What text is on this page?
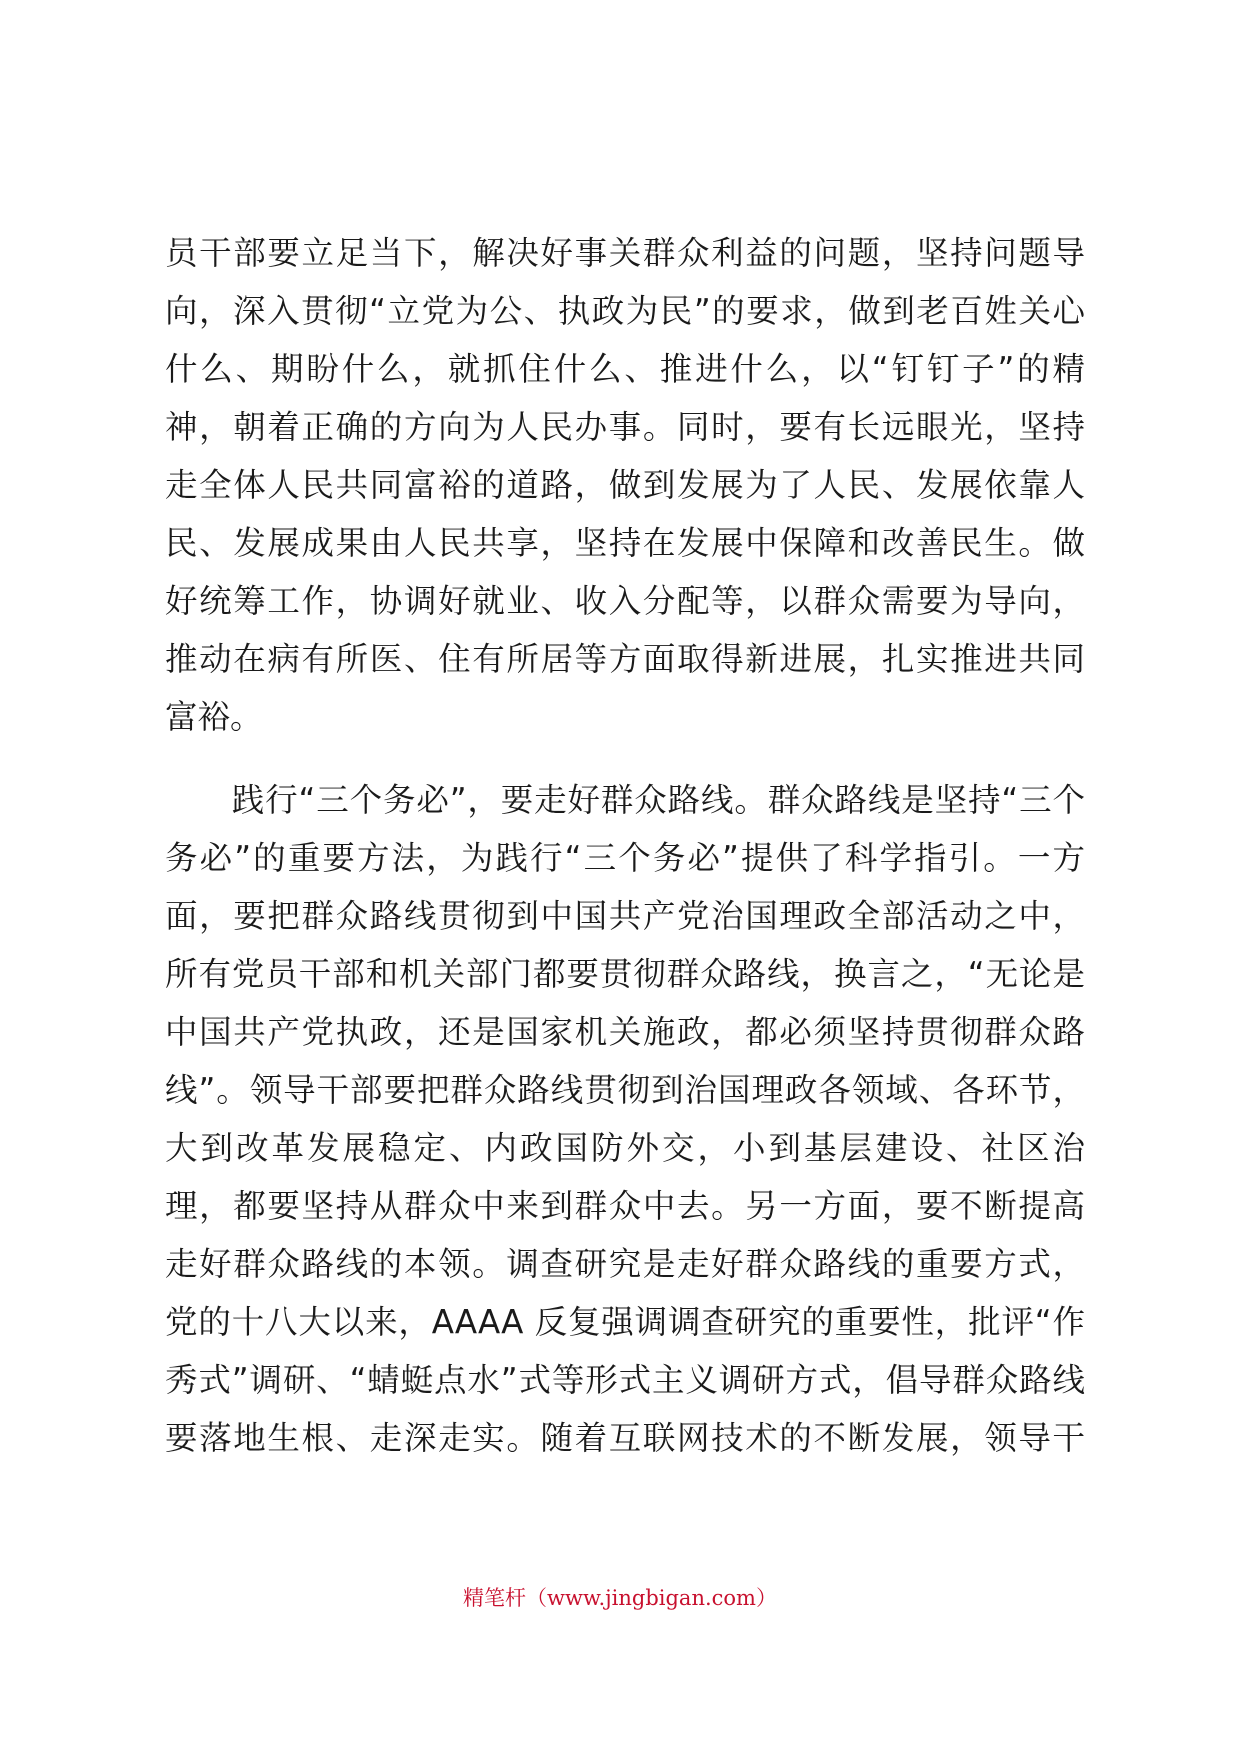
员干部要立足当下，解决好事关群众利益的问题，坚持问题导
向，深入贯彻“立党为公、执政为民”的要求，做到老百姓关心
什么、期盼什么，就抓住什么、推进什么，以“钉钉子”的精
神，朝着正确的方向为人民办事。同时，要有长远眼光，坚持
走全体人民共同富裕的道路，做到发展为了人民、发展依靠人
民、发展成果由人民共享，坚持在发展中保障和改善民生。做
好统筹工作，协调好就业、收入分配等，以群众需要为导向，
推动在病有所医、住有所居等方面取得新进展，扎实推进共同
富裕。
　　践行“三个务必”，要走好群众路线。群众路线是坚持“三个
务必”的重要方法，为践行“三个务必”提供了科学指引。一方
面，要把群众路线贯彻到中国共产党治国理政全部活动之中，
所有党员干部和机关部门都要贯彻群众路线，换言之，“无论是
中国共产党执政，还是国家机关施政，都必须坚持贯彻群众路
线”。领导干部要把群众路线贯彻到治国理政各领域、各环节，
大到改革发展稳定、内政国防外交，小到基层建设、社区治
理，都要坚持从群众中来到群众中去。另一方面，要不断提高
走好群众路线的本领。调查研究是走好群众路线的重要方式，
党的十八大以来，AAAA 反复强调调查研究的重要性，批评“作
秀式”调研、“蜻蜓点水”式等形式主义调研方式，倡导群众路线
要落地生根、走深走实。随着互联网技术的不断发展，领导干
精笔杆（www.jingbigan.com）
